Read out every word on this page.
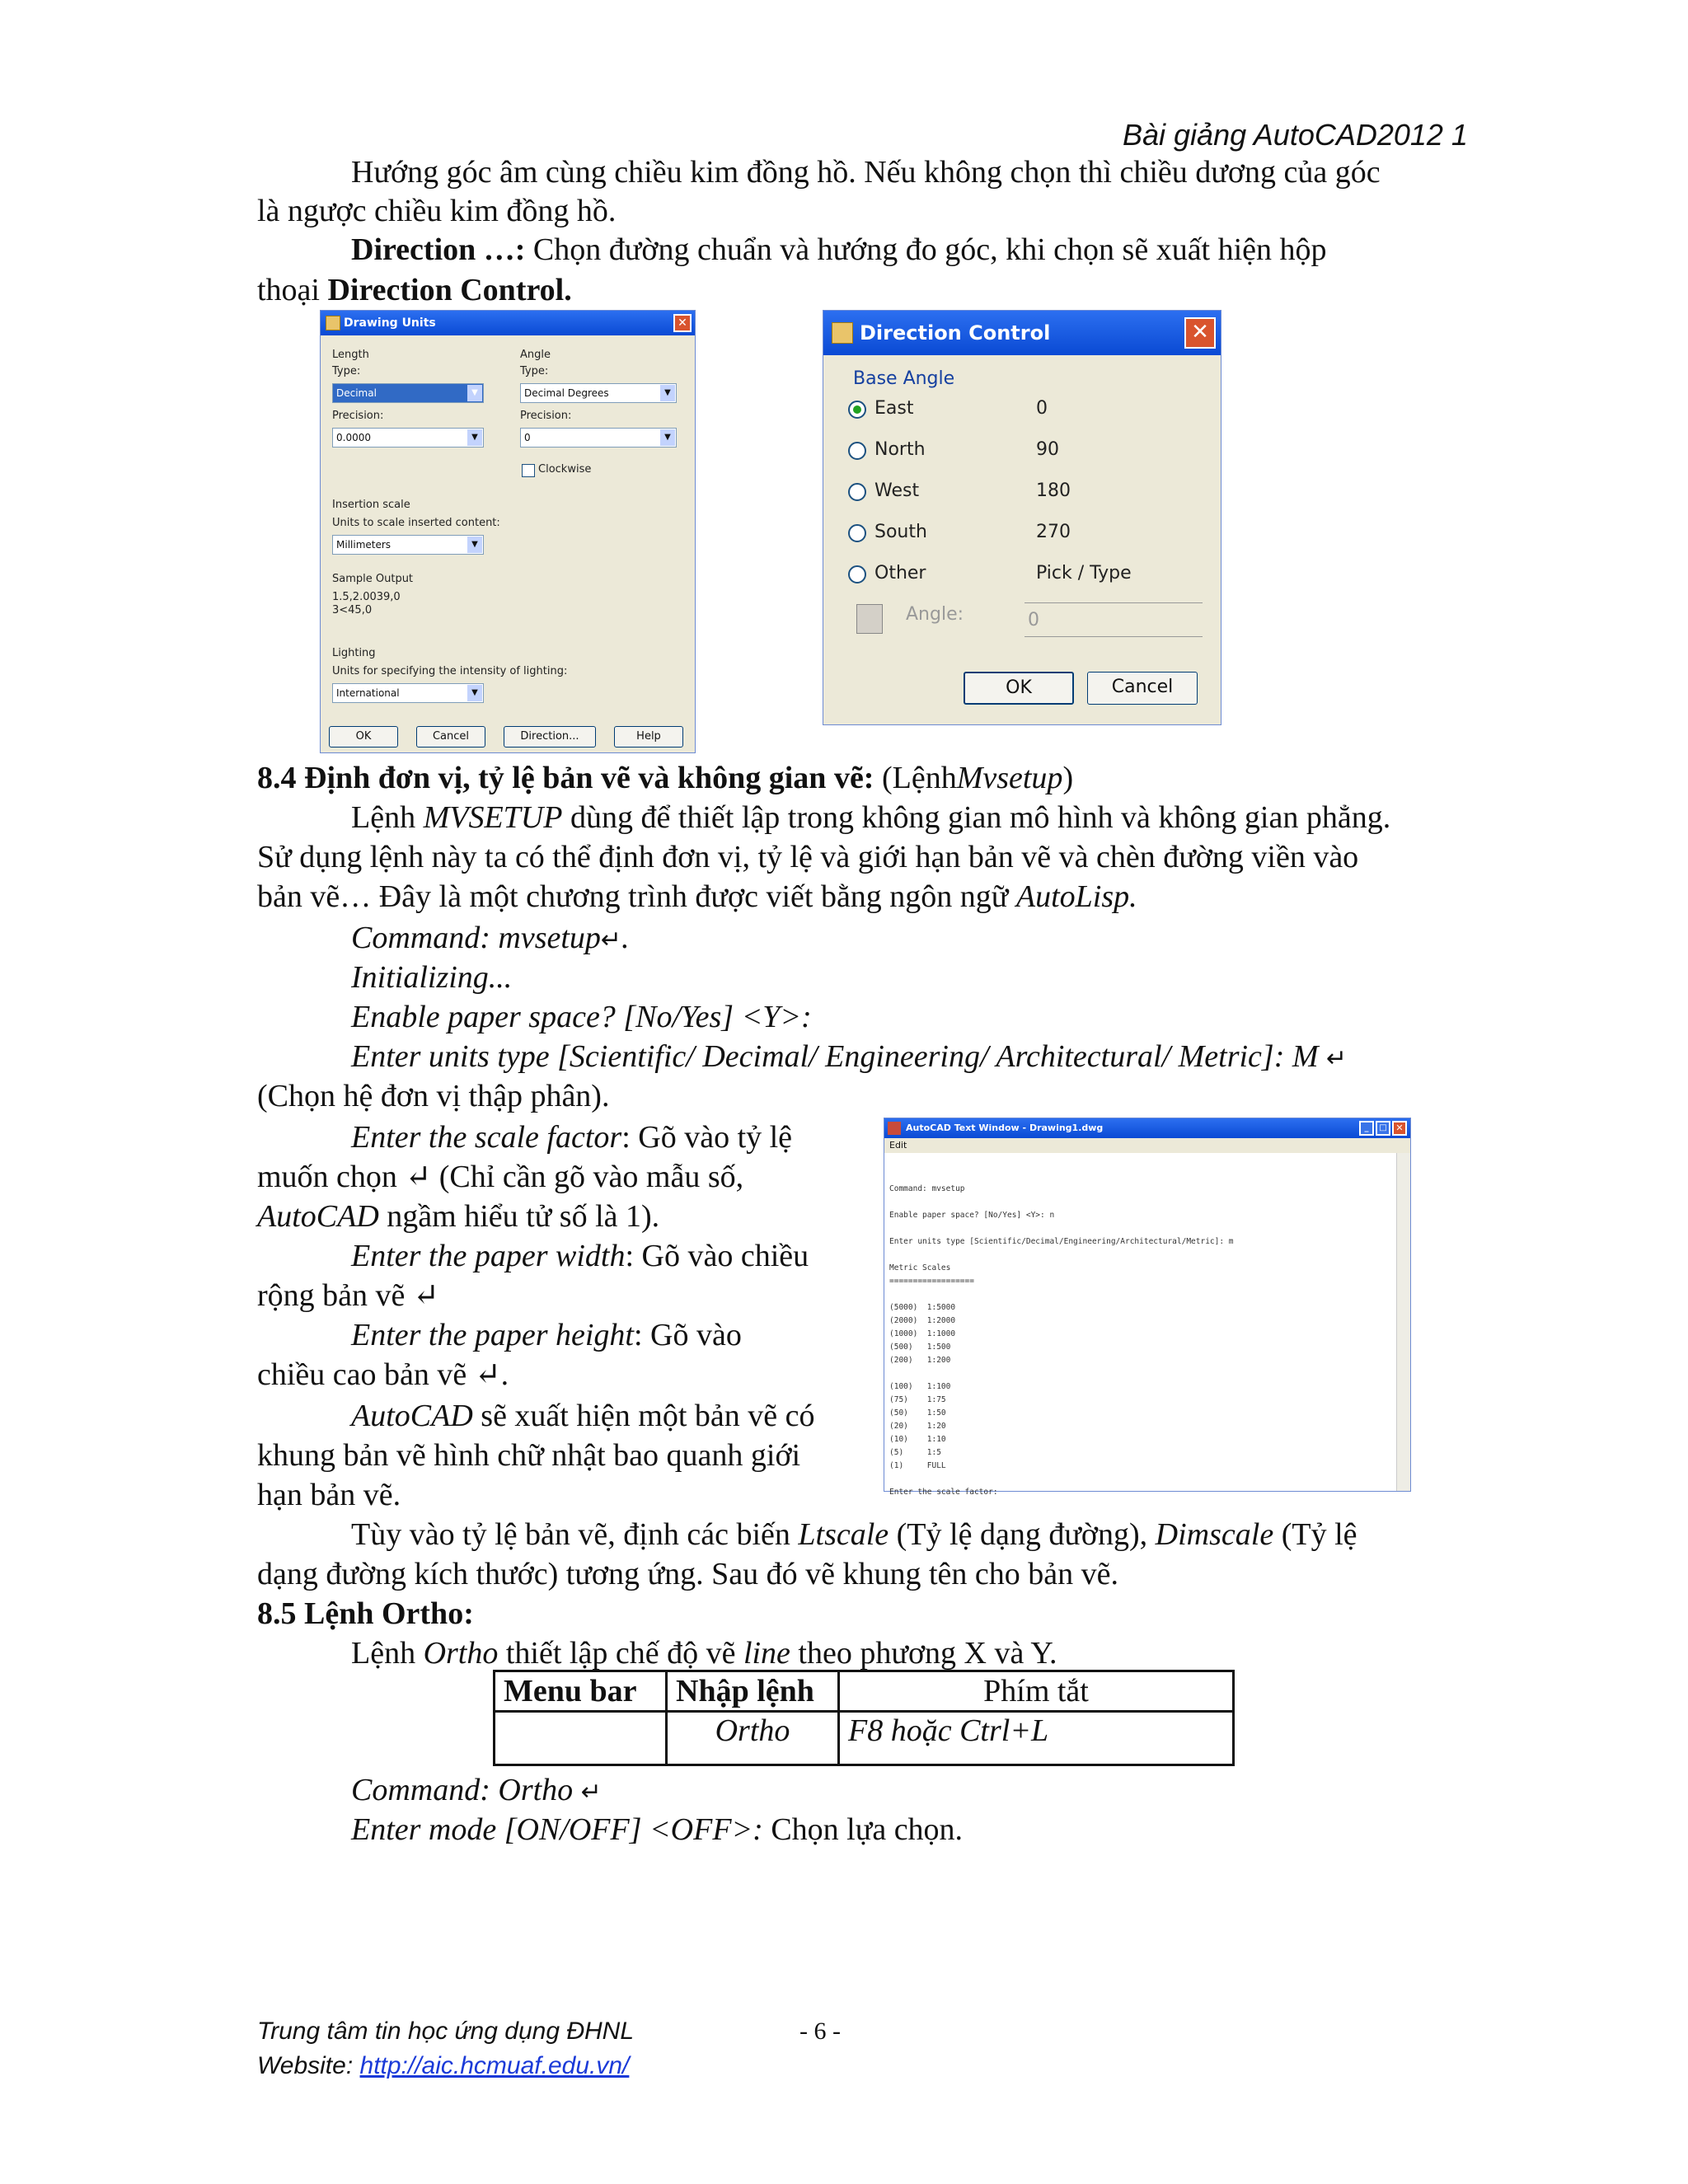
Bài giảng AutoCAD2012 1
Hướng góc âm cùng chiều kim đồng hồ. Nếu không chọn thì chiều dương của góc
là ngược chiều kim đồng hồ.
Direction …: Chọn đường chuẩn và hướng đo góc, khi chọn sẽ xuất hiện hộp
thoại Direction Control.
Drawing Units	✕
Length
Type:
Decimal	▼
Precision:
0.0000	▼
Angle
Type:
Decimal Degrees	▼
Precision:
0	▼
Clockwise
Insertion scale
Units to scale inserted content:
Millimeters	▼
Sample Output
1.5,2.0039,0
3<45,0
Lighting
Units for specifying the intensity of lighting:
International	▼
OK	Cancel	Direction...	Help
Direction Control	✕
Base Angle
East	0
North	90
West	180
South	270
Other	Pick / Type
Angle:	0
OK	Cancel
8.4 Định đơn vị, tỷ lệ bản vẽ và không gian vẽ: (LệnhMvsetup)
Lệnh MVSETUP dùng để thiết lập trong không gian mô hình và không gian phẳng.
Sử dụng lệnh này ta có thể định đơn vị, tỷ lệ và giới hạn bản vẽ và chèn đường viền vào
bản vẽ… Đây là một chương trình được viết bằng ngôn ngữ AutoLisp.
Command: mvsetup↵.
Initializing...
Enable paper space? [No/Yes] <Y>:
Enter units type [Scientific/ Decimal/ Engineering/ Architectural/ Metric]: M ↵
(Chọn hệ đơn vị thập phân).
Enter the scale factor: Gõ vào tỷ lệ
muốn chọn ↵ (Chỉ cần gõ vào mẫu số,
AutoCAD ngầm hiểu tử số là 1).
Enter the paper width: Gõ vào chiều
rộng bản vẽ ↵
Enter the paper height: Gõ vào
chiều cao bản vẽ ↵.
AutoCAD sẽ xuất hiện một bản vẽ có
khung bản vẽ hình chữ nhật bao quanh giới
hạn bản vẽ.
Tùy vào tỷ lệ bản vẽ, định các biến Ltscale (Tỷ lệ dạng đường), Dimscale (Tỷ lệ
dạng đường kích thước) tương ứng. Sau đó vẽ khung tên cho bản vẽ.
AutoCAD Text Window - Drawing1.dwg	_	□ ✕
Edit

Command: mvsetup

Enable paper space? [No/Yes] <Y>: n

Enter units type [Scientific/Decimal/Engineering/Architectural/Metric]: m

Metric Scales
==================

(5000)  1:5000
(2000)  1:2000
(1000)  1:1000
(500)   1:500
(200)   1:200

(100)   1:100
(75)    1:75
(50)    1:50
(20)    1:20
(10)    1:10
(5)     1:5
(1)     FULL

Enter the scale factor:

8.5 Lệnh Ortho:
Lệnh Ortho thiết lập chế độ vẽ line theo phương X và Y.
Menu bar	Nhập lệnh	Phím tắt
	Ortho	F8 hoặc Ctrl+L
Command: Ortho ↵
Enter mode [ON/OFF] <OFF>: Chọn lựa chọn.
Trung tâm tin học ứng dụng ĐHNL	- 6 -
Website: http://aic.hcmuaf.edu.vn/
